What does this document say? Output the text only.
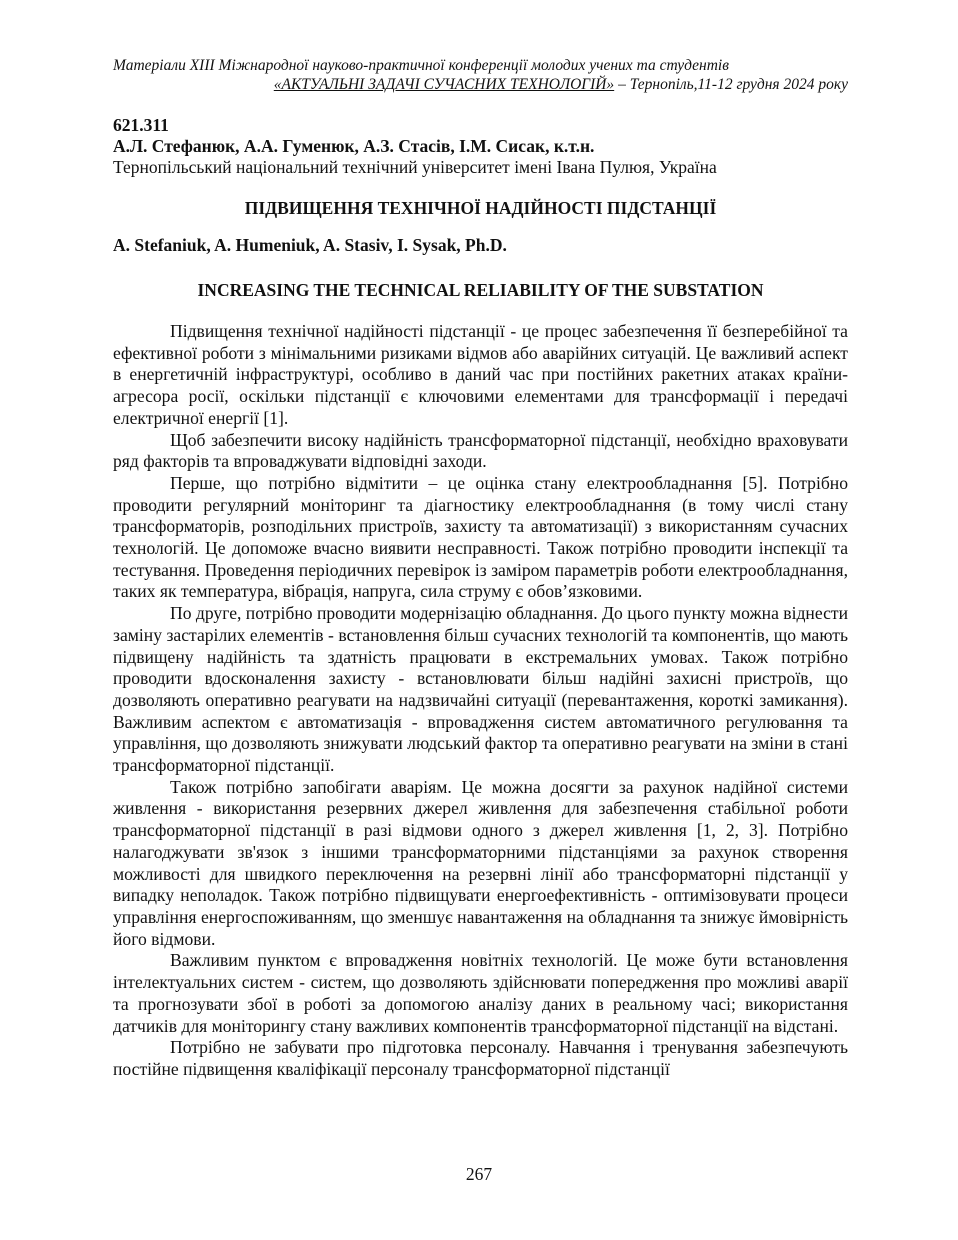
Матеріали XIII Міжнародної науково-практичної конференції молодих учених та студентів
«АКТУАЛЬНІ ЗАДАЧІ СУЧАСНИХ ТЕХНОЛОГІЙ» – Тернопіль,11-12 грудня 2024 року
621.311
А.Л. Стефанюк, А.А. Гуменюк, А.З. Стасів, І.М. Сисак, к.т.н.
Тернопільський національний технічний університет імені Івана Пулюя, Україна
ПІДВИЩЕННЯ ТЕХНІЧНОЇ НАДІЙНОСТІ ПІДСТАНЦІЇ
A. Stefaniuk, A. Humeniuk, A. Stasiv, I. Sysak, Ph.D.
INCREASING THE TECHNICAL RELIABILITY OF THE SUBSTATION

Підвищення технічної надійності підстанції - це процес забезпечення її безперебійної та ефективної роботи з мінімальними ризиками відмов або аварійних ситуацій. Це важливий аспект в енергетичній інфраструктурі, особливо в даний час при постійних ракетних атаках країни-агресора росії, оскільки підстанції є ключовими елементами для трансформації і передачі електричної енергії [1].

Щоб забезпечити високу надійність трансформаторної підстанції, необхідно враховувати ряд факторів та впроваджувати відповідні заходи.

Перше, що потрібно відмітити – це оцінка стану електрообладнання [5]. Потрібно проводити регулярний моніторинг та діагностику електрообладнання (в тому числі стану трансформаторів, розподільних пристроїв, захисту та автоматизації) з використанням сучасних технологій. Це допоможе вчасно виявити несправності. Також потрібно проводити інспекції та тестування. Проведення періодичних перевірок із заміром параметрів роботи електрообладнання, таких як температура, вібрація, напруга, сила струму є обов’язковими.

По друге, потрібно проводити модернізацію обладнання. До цього пункту можна віднести заміну застарілих елементів - встановлення більш сучасних технологій та компонентів, що мають підвищену надійність та здатність працювати в екстремальних умовах. Також потрібно проводити вдосконалення захисту - встановлювати більш надійні захисні пристроїв, що дозволяють оперативно реагувати на надзвичайні ситуації (перевантаження, короткі замикання). Важливим аспектом є автоматизація - впровадження систем автоматичного регулювання та управління, що дозволяють знижувати людський фактор та оперативно реагувати на зміни в стані трансформаторної підстанції.

Також потрібно запобігати аваріям. Це можна досягти за рахунок надійної системи живлення - використання резервних джерел живлення для забезпечення стабільної роботи трансформаторної підстанції в разі відмови одного з джерел живлення [1, 2, 3]. Потрібно налагоджувати зв'язок з іншими трансформаторними підстанціями за рахунок створення можливості для швидкого переключення на резервні лінії або трансформаторні підстанції у випадку неполадок. Також потрібно підвищувати енергоефективність - оптимізовувати процеси управління енергоспоживанням, що зменшує навантаження на обладнання та знижує ймовірність його відмови.

Важливим пунктом є впровадження новітніх технологій. Це може бути встановлення інтелектуальних систем - систем, що дозволяють здійснювати попередження про можливі аварії та прогнозувати збої в роботі за допомогою аналізу даних в реальному часі; використання датчиків для моніторингу стану важливих компонентів трансформаторної підстанції на відстані.

Потрібно не забувати про підготовка персоналу. Навчання і тренування забезпечують постійне підвищення кваліфікації персоналу трансформаторної підстанції

267
